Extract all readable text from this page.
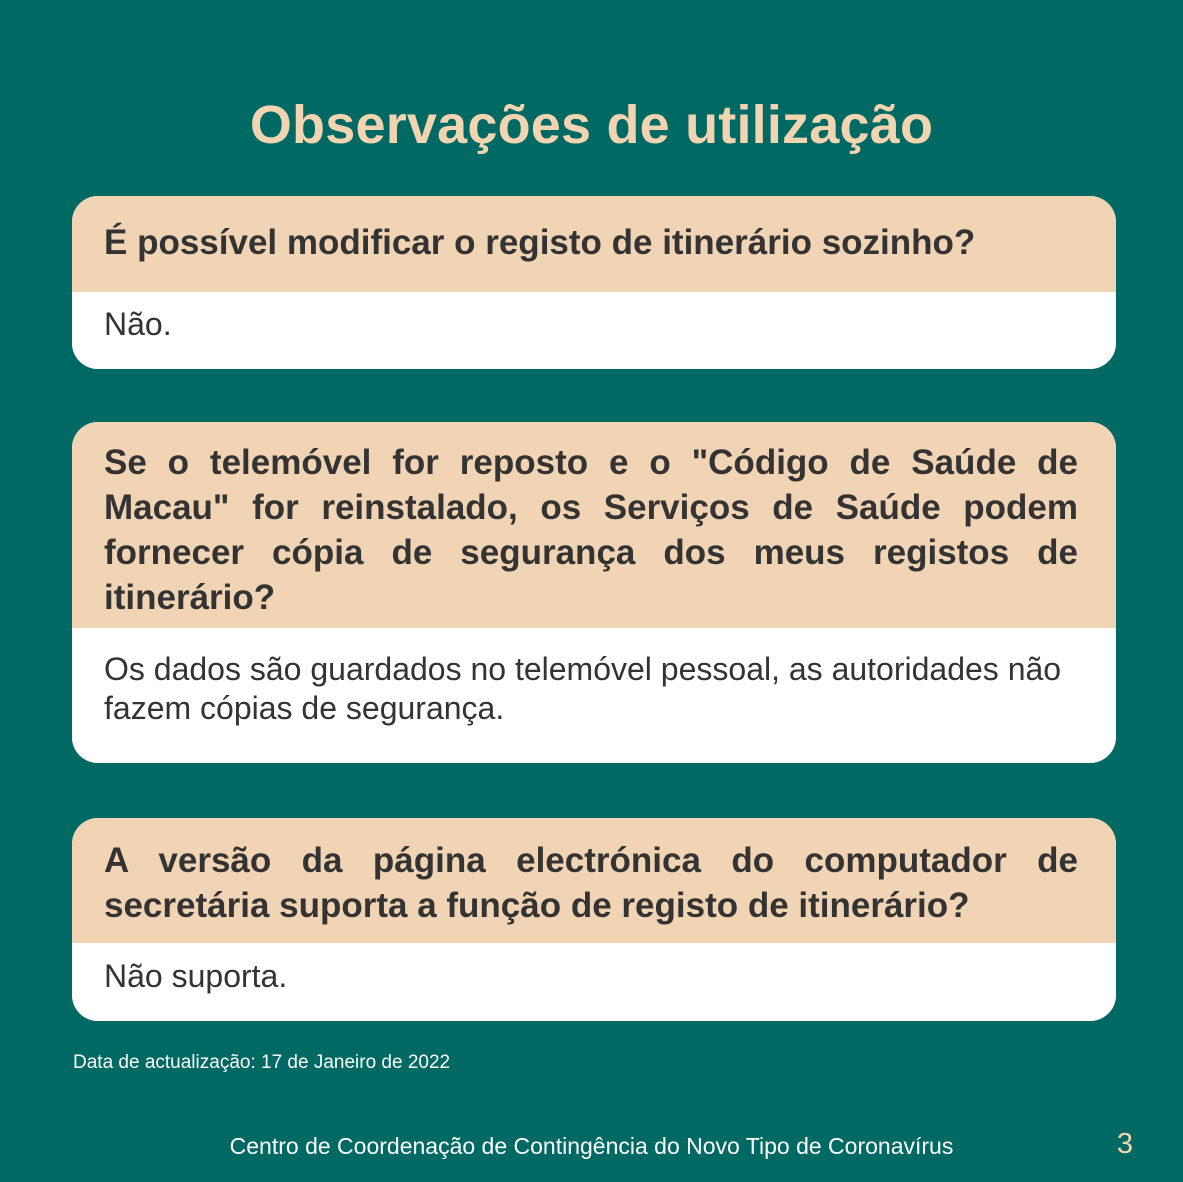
Observações de utilização
É possível modificar o registo de itinerário sozinho?
Não.
Se o telemóvel for reposto e o "Código de Saúde de Macau" for reinstalado, os Serviços de Saúde podem fornecer cópia de segurança dos meus registos de itinerário?
Os dados são guardados no telemóvel pessoal, as autoridades não fazem cópias de segurança.
A versão da página electrónica do computador de secretária suporta a função de registo de itinerário?
Não suporta.
Data de actualização: 17 de Janeiro de 2022
Centro de Coordenação de Contingência do Novo Tipo de Coronavírus	3
